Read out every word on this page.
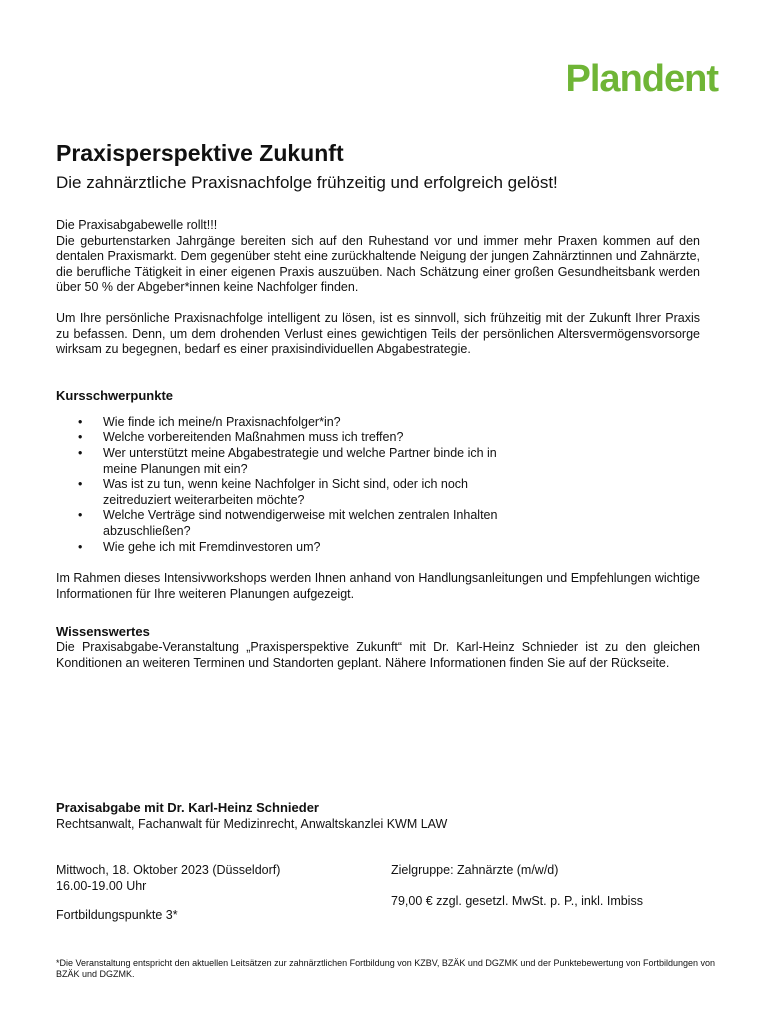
Plandent
Praxisperspektive Zukunft
Die zahnärztliche Praxisnachfolge frühzeitig und erfolgreich gelöst!
Die Praxisabgabewelle rollt!!!
Die geburtenstarken Jahrgänge bereiten sich auf den Ruhestand vor und immer mehr Praxen kommen auf den dentalen Praxismarkt. Dem gegenüber steht eine zurückhaltende Neigung der jungen Zahnärztinnen und Zahnärzte, die berufliche Tätigkeit in einer eigenen Praxis auszuüben. Nach Schätzung einer großen Gesundheitsbank werden über 50 % der Abgeber*innen keine Nachfolger finden.
Um Ihre persönliche Praxisnachfolge intelligent zu lösen, ist es sinnvoll, sich frühzeitig mit der Zukunft Ihrer Praxis zu befassen. Denn, um dem drohenden Verlust eines gewichtigen Teils der persönlichen Altersvermögensvorsorge wirksam zu begegnen, bedarf es einer praxisindividuellen Abgabestrategie.
Kursschwerpunkte
• Wie finde ich meine/n Praxisnachfolger*in?
• Welche vorbereitenden Maßnahmen muss ich treffen?
• Wer unterstützt meine Abgabestrategie und welche Partner binde ich in meine Planungen mit ein?
• Was ist zu tun, wenn keine Nachfolger in Sicht sind, oder ich noch zeitreduziert weiterarbeiten möchte?
• Welche Verträge sind notwendigerweise mit welchen zentralen Inhalten abzuschließen?
• Wie gehe ich mit Fremdinvestoren um?
Im Rahmen dieses Intensivworkshops werden Ihnen anhand von Handlungsanleitungen und Empfehlungen wichtige Informationen für Ihre weiteren Planungen aufgezeigt.
Wissenswertes
Die Praxisabgabe-Veranstaltung „Praxisperspektive Zukunft“ mit Dr. Karl-Heinz Schnieder ist zu den gleichen Konditionen an weiteren Terminen und Standorten geplant. Nähere Informationen finden Sie auf der Rückseite.
Praxisabgabe mit Dr. Karl-Heinz Schnieder
Rechtsanwalt, Fachanwalt für Medizinrecht, Anwaltskanzlei KWM LAW
Mittwoch, 18. Oktober 2023 (Düsseldorf)
16.00-19.00 Uhr
Fortbildungspunkte 3*
Zielgruppe: Zahnärzte (m/w/d)
79,00 € zzgl. gesetzl. MwSt. p. P., inkl. Imbiss
*Die Veranstaltung entspricht den aktuellen Leitsätzen zur zahnärztlichen Fortbildung von KZBV, BZÄK und DGZMK und der Punktebewertung von Fortbildungen von BZÄK und DGZMK.
